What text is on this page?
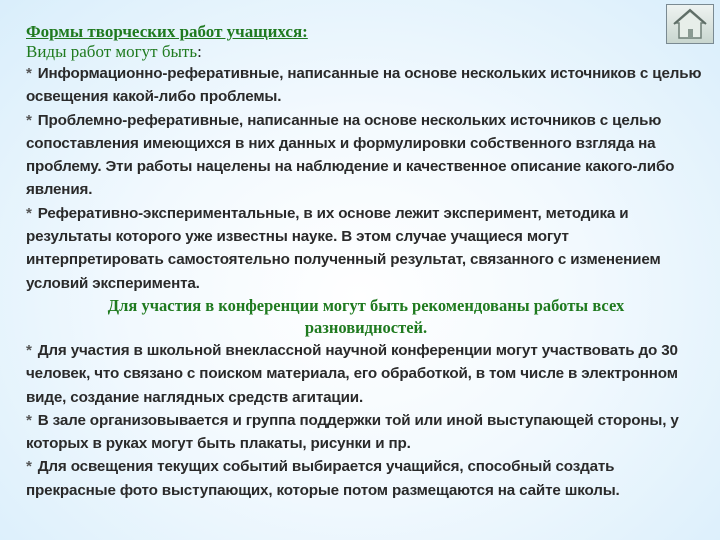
Формы творческих работ учащихся:
Виды работ могут быть:
* Информационно-реферативные, написанные на основе нескольких источников с целью освещения какой-либо проблемы.
* Проблемно-реферативные, написанные на основе нескольких источников с целью сопоставления имеющихся в них данных и формулировки собственного взгляда на проблему. Эти работы нацелены на наблюдение и качественное описание какого-либо явления.
* Реферативно-экспериментальные, в их основе лежит эксперимент, методика и результаты которого уже известны науке. В этом случае учащиеся могут интерпретировать самостоятельно полученный результат, связанного с изменением условий эксперимента.
Для участия в конференции могут быть рекомендованы работы всех разновидностей.
* Для участия в школьной внеклассной научной конференции могут участвовать до 30 человек, что связано с поиском материала, его обработкой, в том числе в электронном виде, создание наглядных средств агитации.
* В зале организовывается и группа поддержки той или иной выступающей стороны, у которых в руках могут быть плакаты, рисунки и пр.
* Для освещения текущих событий выбирается учащийся, способный создать прекрасные фото выступающих, которые потом размещаются на сайте школы.
